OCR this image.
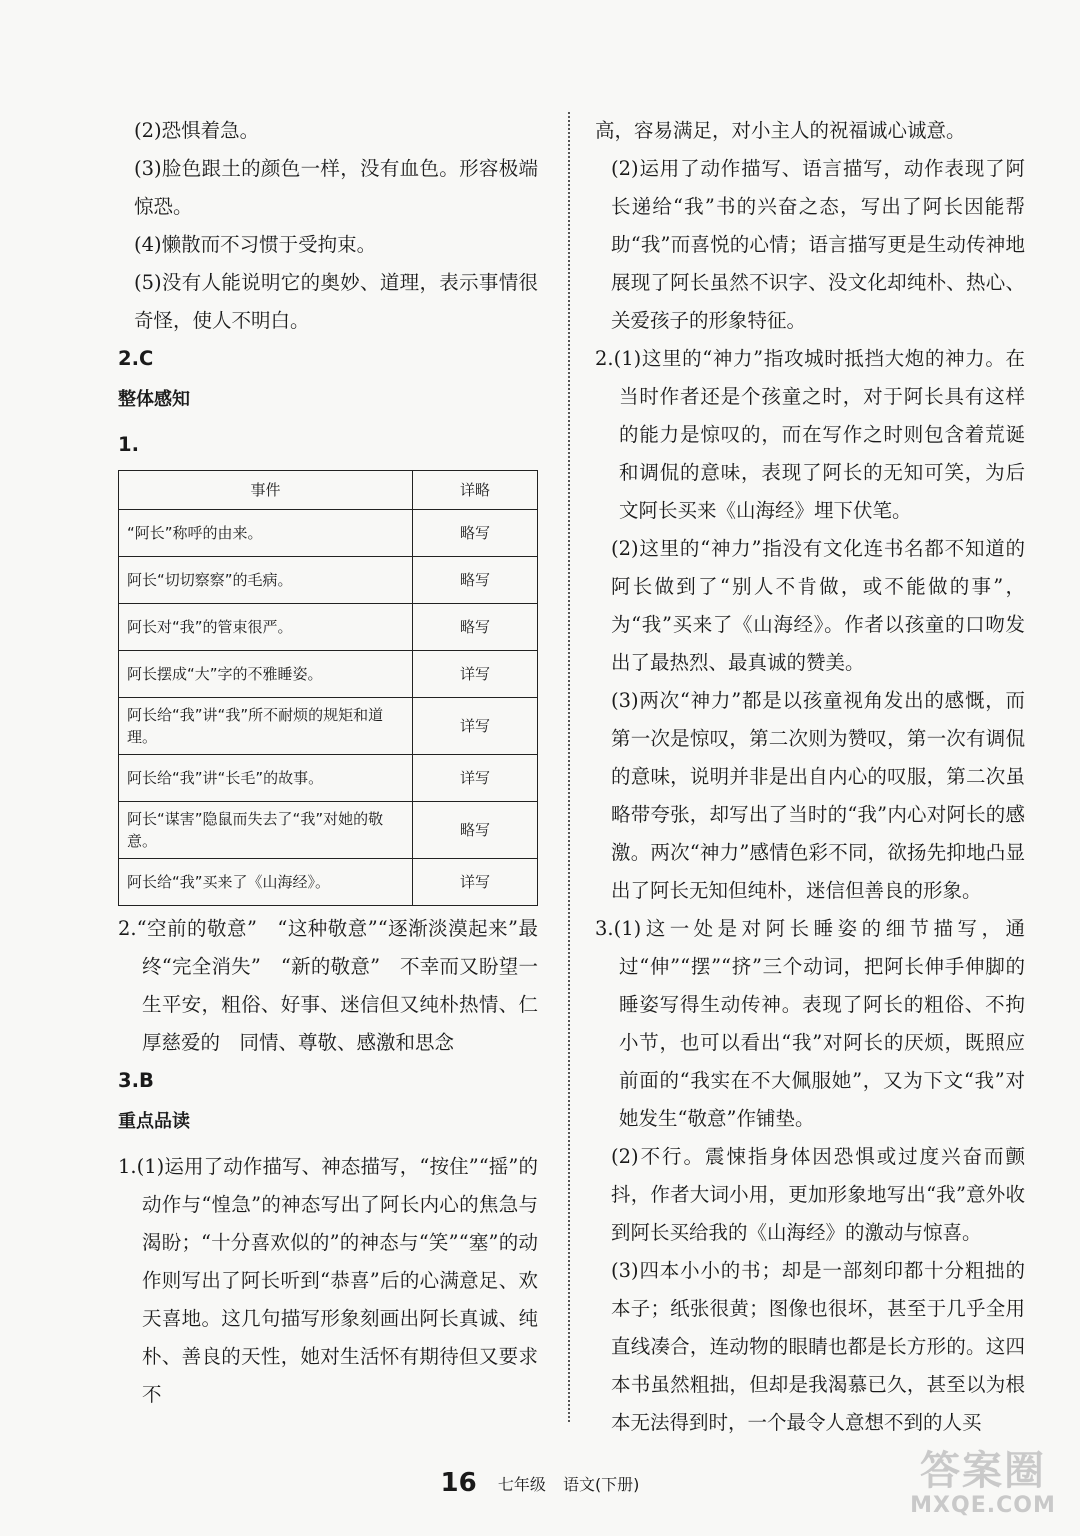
(2)恐惧着急。

(3)脸色跟土的颜色一样，没有血色。形容极端惊恐。

(4)懒散而不习惯于受拘束。

(5)没有人能说明它的奥妙、道理，表示事情很奇怪，使人不明白。

2.C

整体感知

1.

事件	详略
“阿长”称呼的由来。	略写
阿长“切切察察”的毛病。	略写
阿长对“我”的管束很严。	略写
阿长摆成“大”字的不雅睡姿。	详写
阿长给“我”讲“我”所不耐烦的规矩和道理。	详写
阿长给“我”讲“长毛”的故事。	详写
阿长“谋害”隐鼠而失去了“我”对她的敬意。	略写
阿长给“我”买来了《山海经》。	详写

2.“空前的敬意”　“这种敬意”“逐渐淡漠起来”最终“完全消失”　“新的敬意”　不幸而又盼望一生平安，粗俗、好事、迷信但又纯朴热情、仁厚慈爱的　同情、尊敬、感激和思念

3.B

重点品读

1.(1)运用了动作描写、神态描写，“按住”“摇”的动作与“惶急”的神态写出了阿长内心的焦急与渴盼；“十分喜欢似的”的神态与“笑”“塞”的动作则写出了阿长听到“恭喜”后的心满意足、欢天喜地。这几句描写形象刻画出阿长真诚、纯朴、善良的天性，她对生活怀有期待但又要求不

高，容易满足，对小主人的祝福诚心诚意。

(2)运用了动作描写、语言描写，动作表现了阿长递给“我”书的兴奋之态，写出了阿长因能帮助“我”而喜悦的心情；语言描写更是生动传神地展现了阿长虽然不识字、没文化却纯朴、热心、关爱孩子的形象特征。

2.(1)这里的“神力”指攻城时抵挡大炮的神力。在当时作者还是个孩童之时，对于阿长具有这样的能力是惊叹的，而在写作之时则包含着荒诞和调侃的意味，表现了阿长的无知可笑，为后文阿长买来《山海经》埋下伏笔。

(2)这里的“神力”指没有文化连书名都不知道的阿长做到了“别人不肯做，或不能做的事”，为“我”买来了《山海经》。作者以孩童的口吻发出了最热烈、最真诚的赞美。

(3)两次“神力”都是以孩童视角发出的感慨，而第一次是惊叹，第二次则为赞叹，第一次有调侃的意味，说明并非是出自内心的叹服，第二次虽略带夸张，却写出了当时的“我”内心对阿长的感激。两次“神力”感情色彩不同，欲扬先抑地凸显出了阿长无知但纯朴，迷信但善良的形象。

3.(1)这一处是对阿长睡姿的细节描写，通过“伸”“摆”“挤”三个动词，把阿长伸手伸脚的睡姿写得生动传神。表现了阿长的粗俗、不拘小节，也可以看出“我”对阿长的厌烦，既照应前面的“我实在不大佩服她”，又为下文“我”对她发生“敬意”作铺垫。

(2)不行。震悚指身体因恐惧或过度兴奋而颤抖，作者大词小用，更加形象地写出“我”意外收到阿长买给我的《山海经》的激动与惊喜。

(3)四本小小的书；却是一部刻印都十分粗拙的本子；纸张很黄；图像也很坏，甚至于几乎全用直线凑合，连动物的眼睛也都是长方形的。这四本书虽然粗拙，但却是我渴慕已久，甚至以为根本无法得到时，一个最令人意想不到的人买

16 七年级 语文(下册)	答案圈
MXQE.COM
